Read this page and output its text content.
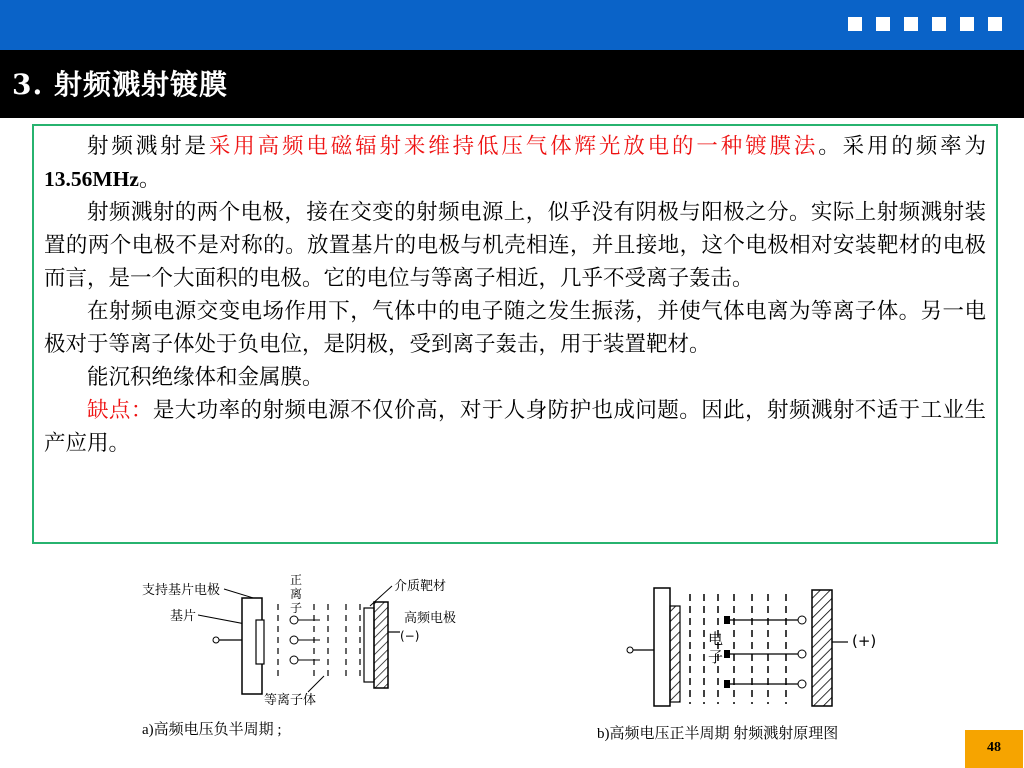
3. 射频溅射镀膜

射频溅射是采用高频电磁辐射来维持低压气体辉光放电的一种镀膜法。采用的频率为13.56MHz。

射频溅射的两个电极，接在交变的射频电源上，似乎没有阴极与阳极之分。实际上射频溅射装置的两个电极不是对称的。放置基片的电极与机壳相连，并且接地，这个电极相对安装靶材的电极而言，是一个大面积的电极。它的电位与等离子相近，几乎不受离子轰击。

在射频电源交变电场作用下，气体中的电子随之发生振荡，并使气体电离为等离子体。另一电极对于等离子体处于负电位，是阴极，受到离子轰击，用于装置靶材。

能沉积绝缘体和金属膜。

缺点：是大功率的射频电源不仅价高，对于人身防护也成问题。因此，射频溅射不适于工业生产应用。

支持基片电极
基片
正
离
子
介质靶材
高频电极
(−)
等离子体
a)高频电压负半周期 ;
电
子
(+)
b)高频电压正半周期 射频溅射原理图
48
